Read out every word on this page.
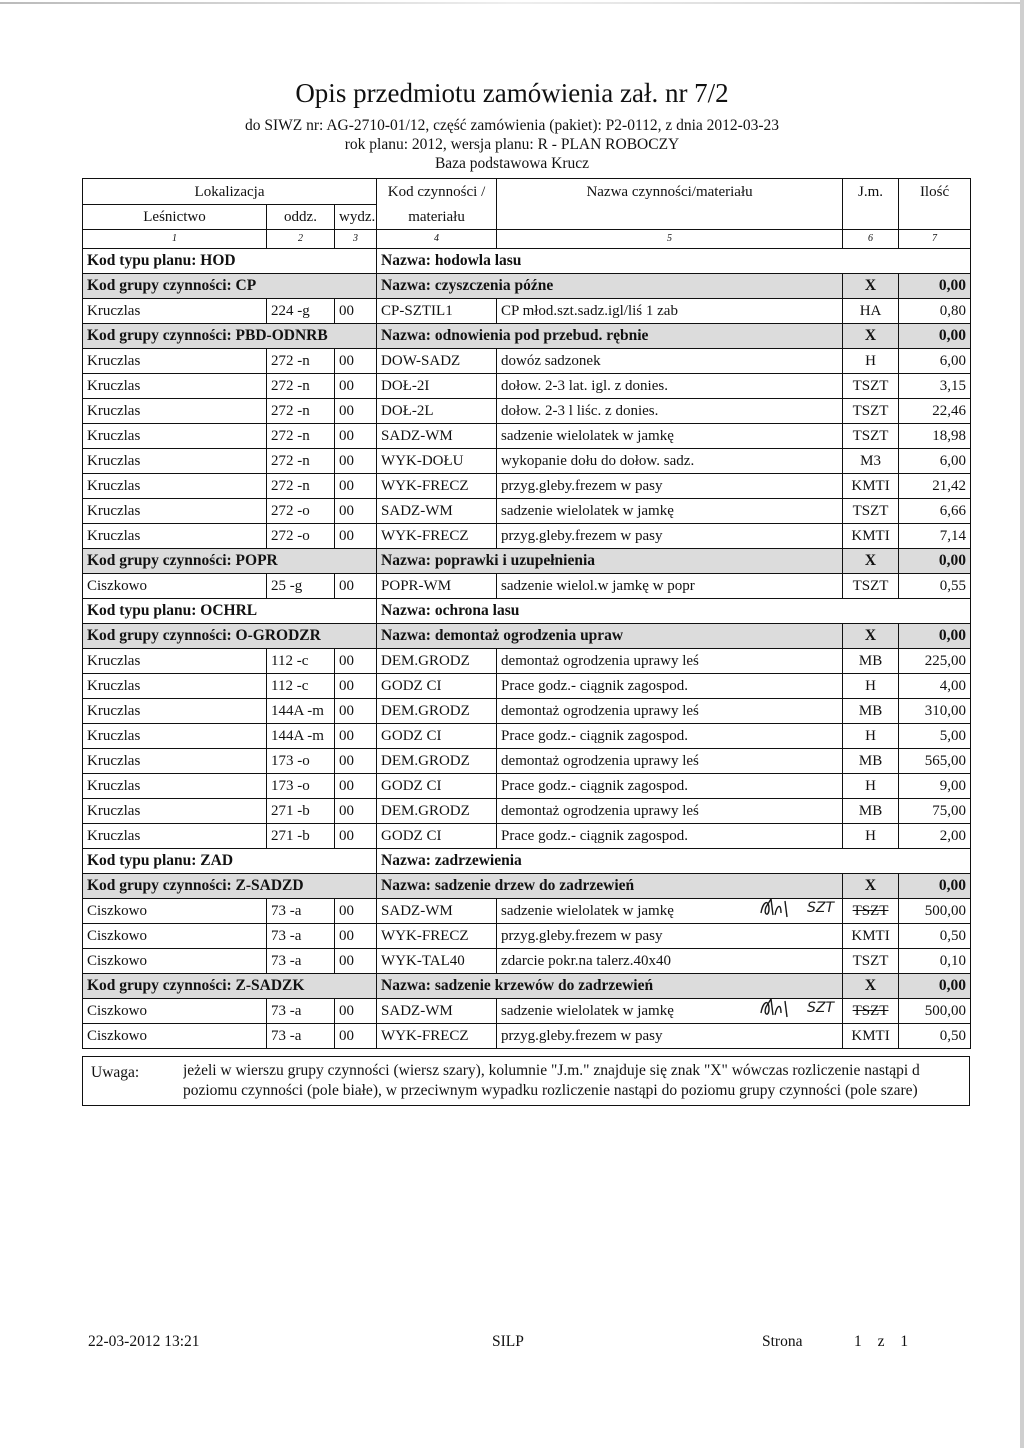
Opis przedmiotu zamówienia zał. nr 7/2
do SIWZ nr: AG-2710-01/12, część zamówienia (pakiet): P2-0112, z dnia 2012-03-23
rok planu: 2012, wersja planu: R - PLAN ROBOCZY
Baza podstawowa Krucz
Lokalizacja			Kod czynności /	Nazwa czynności/materiału	J.m.	Ilość
Leśnictwo	oddz.	wydz.	materiału			
1	2	3	4	5	6	7
Kod typu planu: HOD			Nazwa: hodowla lasu			
Kod grupy czynności: CP			Nazwa: czyszczenia późne		X	0,00
Kruczlas	224 -g	00	CP-SZTIL1	CP młod.szt.sadz.igl/liś 1 zab	HA	0,80
Kod grupy czynności: PBD-ODNRB			Nazwa: odnowienia pod przebud. rębnie		X	0,00
Kruczlas	272 -n	00	DOW-SADZ	dowóz sadzonek	H	6,00
Kruczlas	272 -n	00	DOŁ-2I	dołow. 2-3 lat. igl. z donies.	TSZT	3,15
Kruczlas	272 -n	00	DOŁ-2L	dołow. 2-3 l liśc. z donies.	TSZT	22,46
Kruczlas	272 -n	00	SADZ-WM	sadzenie wielolatek w jamkę	TSZT	18,98
Kruczlas	272 -n	00	WYK-DOŁU	wykopanie dołu do dołow. sadz.	M3	6,00
Kruczlas	272 -n	00	WYK-FRECZ	przyg.gleby.frezem w pasy	KMTI	21,42
Kruczlas	272 -o	00	SADZ-WM	sadzenie wielolatek w jamkę	TSZT	6,66
Kruczlas	272 -o	00	WYK-FRECZ	przyg.gleby.frezem w pasy	KMTI	7,14
Kod grupy czynności: POPR			Nazwa: poprawki i uzupełnienia		X	0,00
Ciszkowo	25 -g	00	POPR-WM	sadzenie wielol.w jamkę w popr	TSZT	0,55
Kod typu planu: OCHRL			Nazwa: ochrona lasu			
Kod grupy czynności: O-GRODZR			Nazwa: demontaż ogrodzenia upraw		X	0,00
Kruczlas	112 -c	00	DEM.GRODZ	demontaż ogrodzenia uprawy leś	MB	225,00
Kruczlas	112 -c	00	GODZ CI	Prace godz.- ciągnik zagospod.	H	4,00
Kruczlas	144A -m	00	DEM.GRODZ	demontaż ogrodzenia uprawy leś	MB	310,00
Kruczlas	144A -m	00	GODZ CI	Prace godz.- ciągnik zagospod.	H	5,00
Kruczlas	173 -o	00	DEM.GRODZ	demontaż ogrodzenia uprawy leś	MB	565,00
Kruczlas	173 -o	00	GODZ CI	Prace godz.- ciągnik zagospod.	H	9,00
Kruczlas	271 -b	00	DEM.GRODZ	demontaż ogrodzenia uprawy leś	MB	75,00
Kruczlas	271 -b	00	GODZ CI	Prace godz.- ciągnik zagospod.	H	2,00
Kod typu planu: ZAD			Nazwa: zadrzewienia			
Kod grupy czynności: Z-SADZD			Nazwa: sadzenie drzew do zadrzewień		X	0,00
Ciszkowo	73 -a	00	SADZ-WM	sadzenie wielolatek w jamkę SZT	TSZT	500,00
Ciszkowo	73 -a	00	WYK-FRECZ	przyg.gleby.frezem w pasy	KMTI	0,50
Ciszkowo	73 -a	00	WYK-TAL40	zdarcie pokr.na talerz.40x40	TSZT	0,10
Kod grupy czynności: Z-SADZK			Nazwa: sadzenie krzewów do zadrzewień		X	0,00
Ciszkowo	73 -a	00	SADZ-WM	sadzenie wielolatek w jamkę SZT	TSZT	500,00
Ciszkowo	73 -a	00	WYK-FRECZ	przyg.gleby.frezem w pasy	KMTI	0,50
Uwaga:	jeżeli w wierszu grupy czynności (wiersz szary), kolumnie "J.m." znajduje się znak "X" wówczas rozliczenie nastąpi d
poziomu czynności (pole białe), w przeciwnym wypadku rozliczenie nastąpi do poziomu grupy czynności (pole szare)
22-03-2012 13:21	SILP	Strona	1 z 1
